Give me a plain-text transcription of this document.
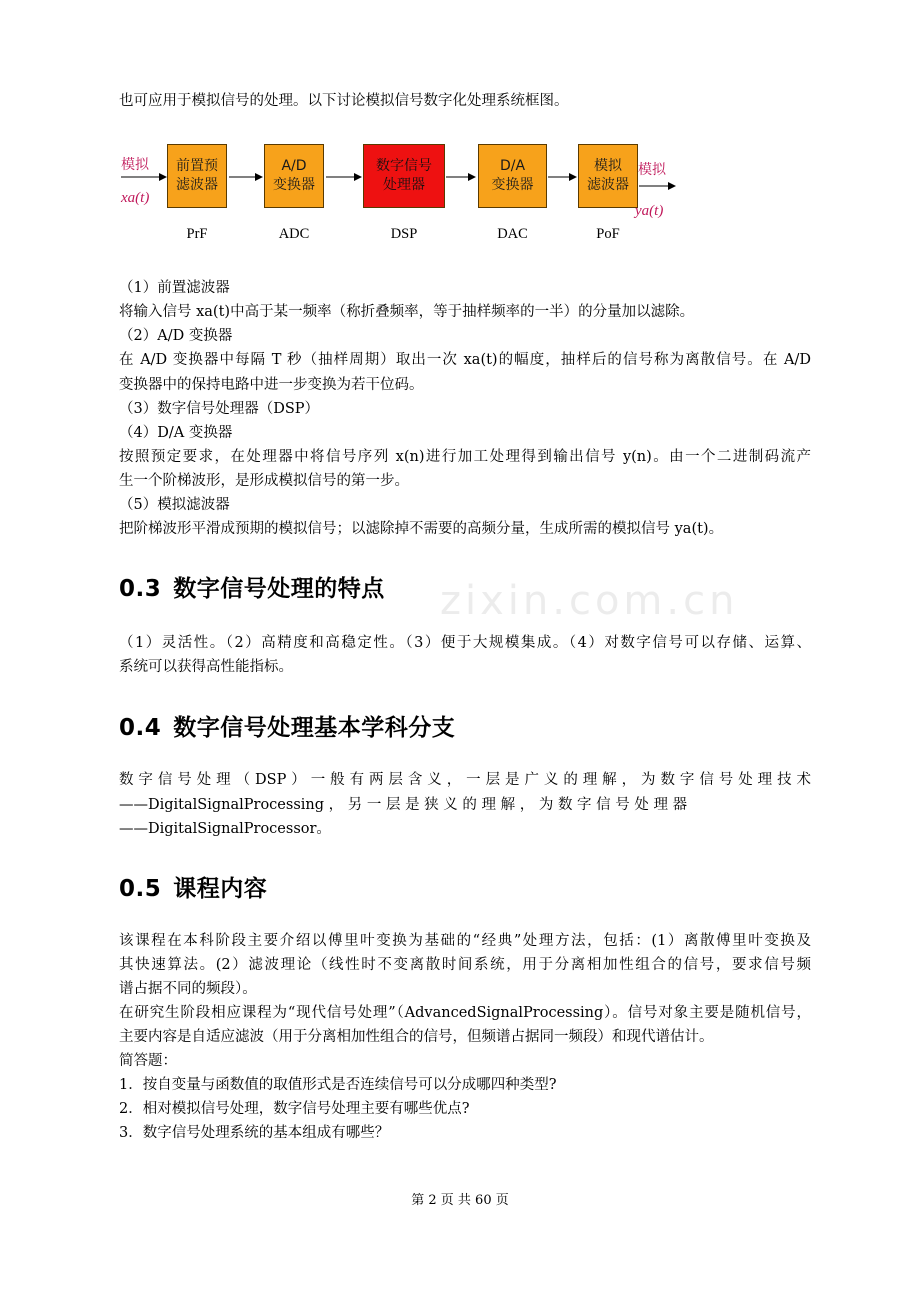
也可应用于模拟信号的处理。以下讨论模拟信号数字化处理系统框图。
模拟
xa(t)
前置预
滤波器
A/D
变换器
数字信号
处理器
D/A
变换器
模拟
滤波器
模拟
ya(t)
PrF	ADC	DSP	DAC	PoF
（1）前置滤波器
将输入信号 xa(t)中高于某一频率（称折叠频率，等于抽样频率的一半）的分量加以滤除。
（2）A/D 变换器
在 A/D 变换器中每隔 T 秒（抽样周期）取出一次 xa(t)的幅度，抽样后的信号称为离散信号。在 A/D
变换器中的保持电路中进一步变换为若干位码。
（3）数字信号处理器（DSP）
（4）D/A 变换器
按照预定要求，在处理器中将信号序列 x(n)进行加工处理得到输出信号 y(n)。由一个二进制码流产
生一个阶梯波形，是形成模拟信号的第一步。
（5）模拟滤波器
把阶梯波形平滑成预期的模拟信号；以滤除掉不需要的高频分量，生成所需的模拟信号 ya(t)。
zixin.com.cn
0.3 数字信号处理的特点
（1）灵活性。（2）高精度和高稳定性。（3）便于大规模集成。（4）对数字信号可以存储、运算、
系统可以获得高性能指标。
0.4 数字信号处理基本学科分支
数字信号处理（DSP）一般有两层含义，一层是广义的理解，为数字信号处理技术
——DigitalSignalProcessing ， 另 一 层 是 狭 义 的 理 解 ， 为 数 字 信 号 处 理 器
——DigitalSignalProcessor。
0.5 课程内容
该课程在本科阶段主要介绍以傅里叶变换为基础的“经典”处理方法，包括：(1）离散傅里叶变换及
其快速算法。(2）滤波理论（线性时不变离散时间系统，用于分离相加性组合的信号，要求信号频
谱占据不同的频段）。
在研究生阶段相应课程为“现代信号处理”（AdvancedSignalProcessing）。信号对象主要是随机信号，
主要内容是自适应滤波（用于分离相加性组合的信号，但频谱占据同一频段）和现代谱估计。
简答题：
1．按自变量与函数值的取值形式是否连续信号可以分成哪四种类型?
2．相对模拟信号处理，数字信号处理主要有哪些优点?
3．数字信号处理系统的基本组成有哪些？
第 2 页 共 60 页
